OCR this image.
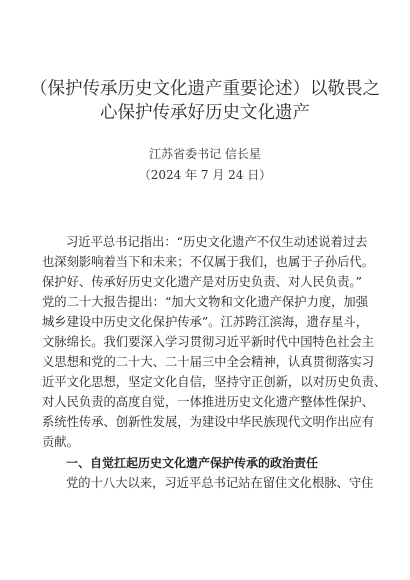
（保护传承历史文化遗产重要论述）以敬畏之
心保护传承好历史文化遗产
江苏省委书记 信长星
（2024 年 7 月 24 日）
习近平总书记指出：“历史文化遗产不仅生动述说着过去
也深刻影响着当下和未来；不仅属于我们，也属于子孙后代。
保护好、传承好历史文化遗产是对历史负责、对人民负责。”
党的二十大报告提出：“加大文物和文化遗产保护力度，加强
城乡建设中历史文化保护传承”。江苏跨江滨海，遗存星斗，
文脉绵长。我们要深入学习贯彻习近平新时代中国特色社会主
义思想和党的二十大、二十届三中全会精神，认真贯彻落实习
近平文化思想，坚定文化自信，坚持守正创新，以对历史负责、
对人民负责的高度自觉，一体推进历史文化遗产整体性保护、
系统性传承、创新性发展，为建设中华民族现代文明作出应有
贡献。
一、自觉扛起历史文化遗产保护传承的政治责任
党的十八大以来，习近平总书记站在留住文化根脉、守住
